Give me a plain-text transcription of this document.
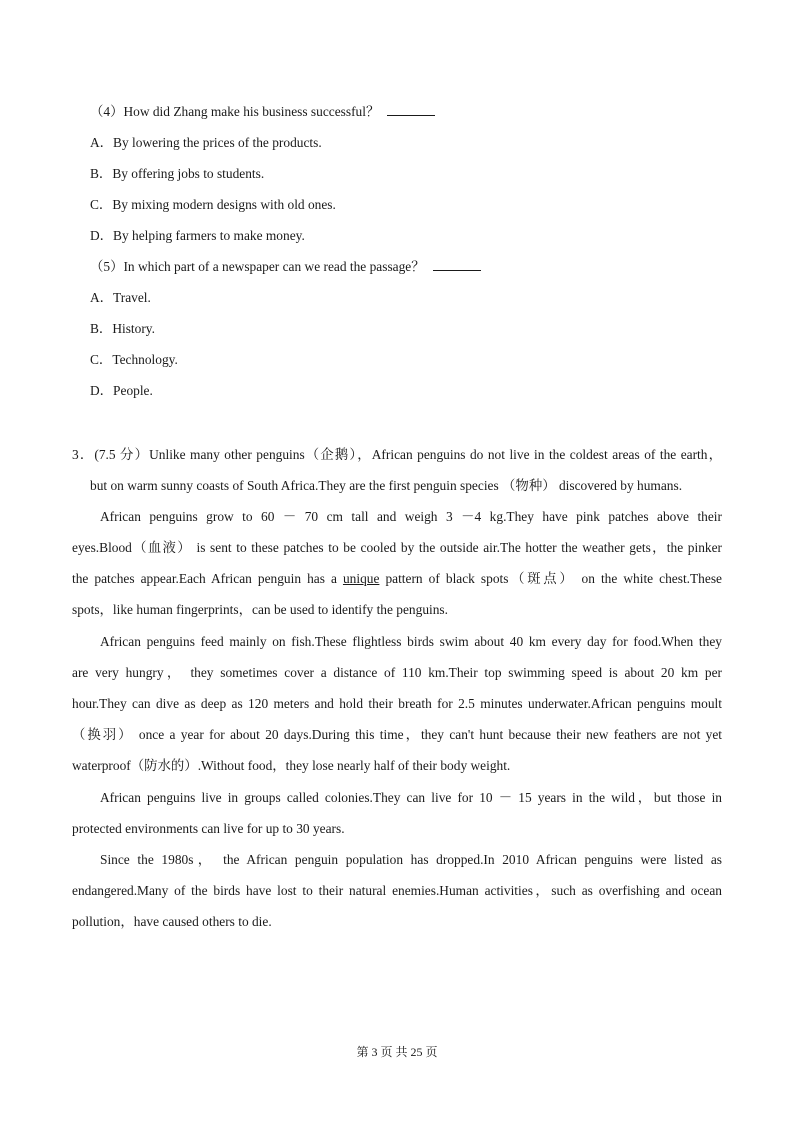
（4）How did Zhang make his business successful？
A．By lowering the prices of the products.
B．By offering jobs to students.
C．By mixing modern designs with old ones.
D．By helping farmers to make money.
（5）In which part of a newspaper can we read the passage？
A．Travel.
B．History.
C．Technology.
D．People.
3．(7.5 分）Unlike many other penguins（企鹅），African penguins do not live in the coldest areas of the earth，
but on warm sunny coasts of South Africa.They are the first penguin species （物种） discovered by humans.
African penguins grow to 60 － 70 cm tall and weigh 3 －4 kg.They have pink patches above their
eyes.Blood（血液） is sent to these patches to be cooled by the outside air.The hotter the weather gets，the pinker
the patches appear.Each African penguin has a unique pattern of black spots（斑点） on the white chest.These
spots，like human fingerprints，can be used to identify the penguins.
African penguins feed mainly on fish.These flightless birds swim about 40 km every day for food.When they
are very hungry， they sometimes cover a distance of 110 km.Their top swimming speed is about 20 km per
hour.They can dive as deep as 120 meters and hold their breath for 2.5 minutes underwater.African penguins moult
（换羽） once a year for about 20 days.During this time，they can't hunt because their new feathers are not yet
waterproof（防水的）.Without food，they lose nearly half of their body weight.
African penguins live in groups called colonies.They can live for 10 － 15 years in the wild，but those in
protected environments can live for up to 30 years.
Since the 1980s， the African penguin population has dropped.In 2010 African penguins were listed as
endangered.Many of the birds have lost to their natural enemies.Human activities，such as overfishing and ocean
pollution，have caused others to die.
第 3 页 共 25 页
